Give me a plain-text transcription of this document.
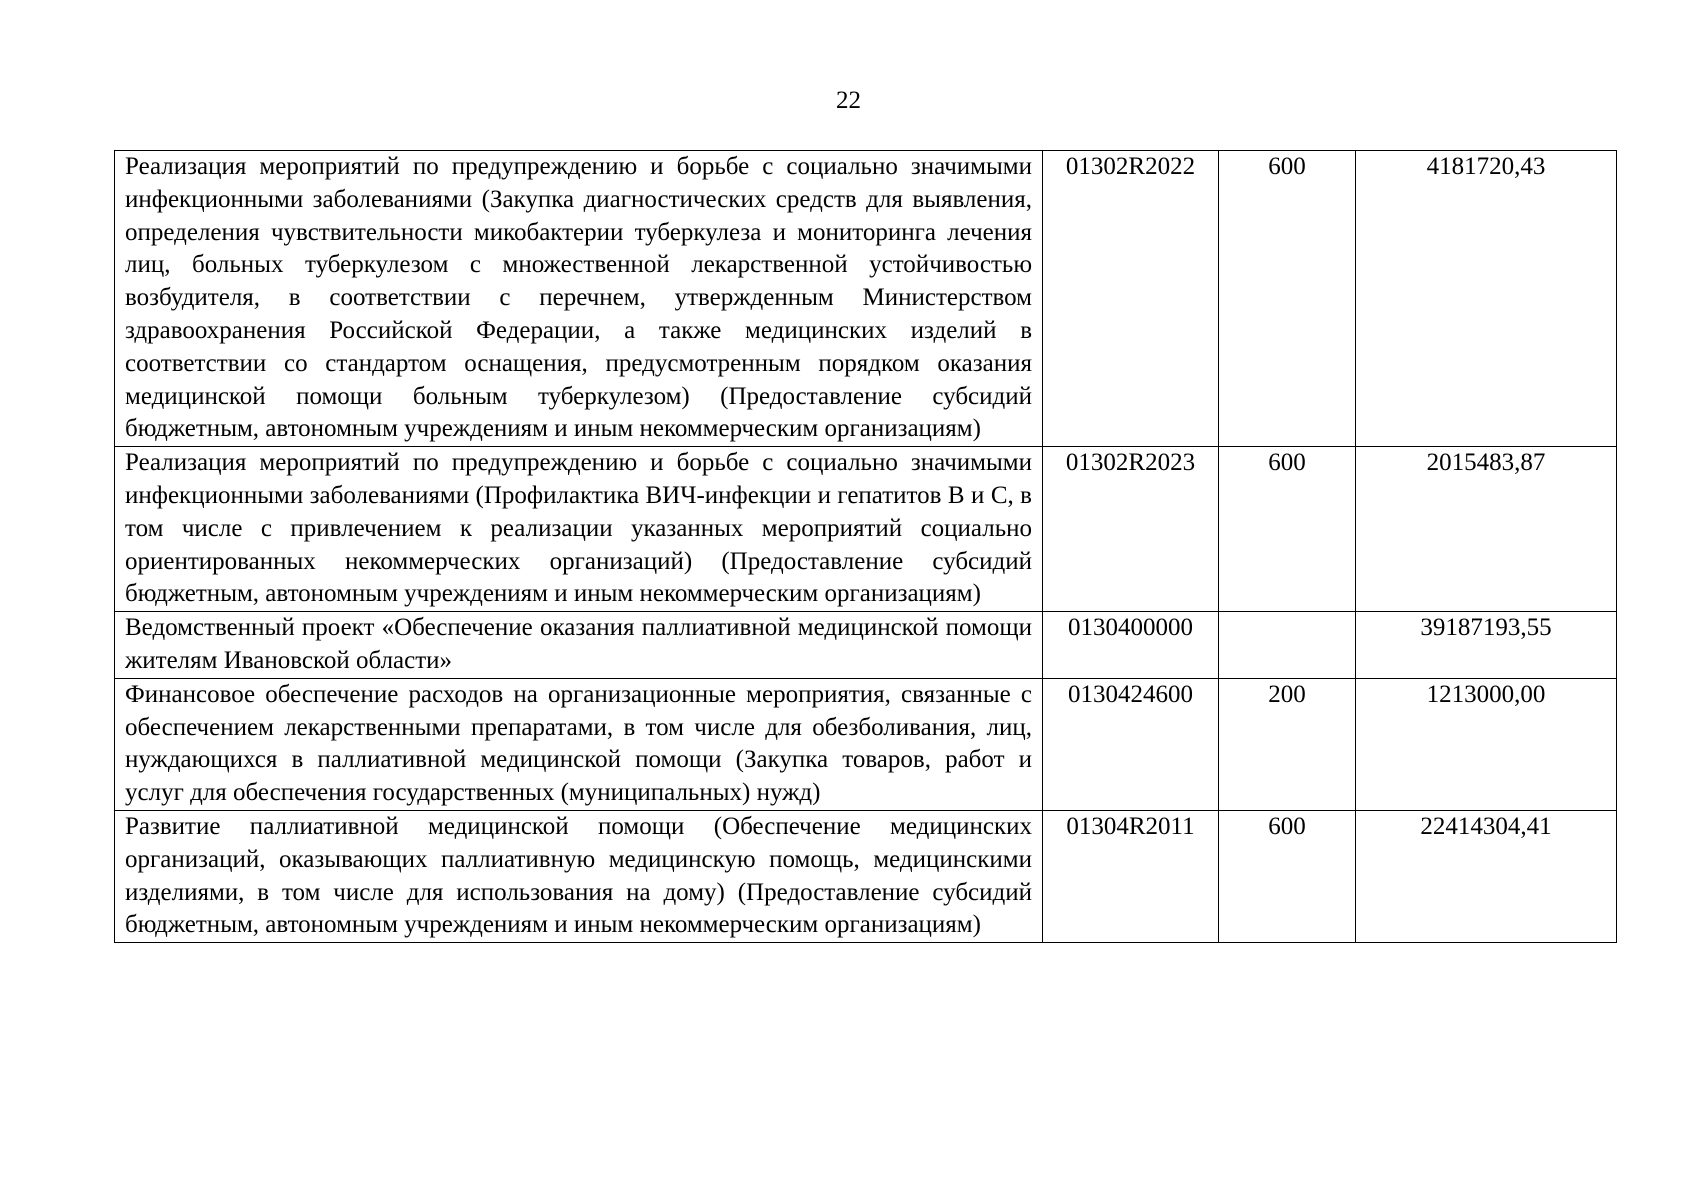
22
Реализация мероприятий по предупреждению и борьбе с социально значимыми инфекционными заболеваниями (Закупка диагностических средств для выявления, определения чувствительности микобактерии туберкулеза и мониторинга лечения лиц, больных туберкулезом с множественной лекарственной устойчивостью возбудителя, в соответствии с перечнем, утвержденным Министерством здравоохранения Российской Федерации, а также медицинских изделий в соответствии со стандартом оснащения, предусмотренным порядком оказания медицинской помощи больным туберкулезом) (Предоставление субсидий бюджетным, автономным учреждениям и иным некоммерческим организациям)	01302R2022	600	4181720,43
Реализация мероприятий по предупреждению и борьбе с социально значимыми инфекционными заболеваниями (Профилактика ВИЧ-инфекции и гепатитов В и С, в том числе с привлечением к реализации указанных мероприятий социально ориентированных некоммерческих организаций) (Предоставление субсидий бюджетным, автономным учреждениям и иным некоммерческим организациям)	01302R2023	600	2015483,87
Ведомственный проект «Обеспечение оказания паллиативной медицинской помощи жителям Ивановской области»	0130400000		39187193,55
Финансовое обеспечение расходов на организационные мероприятия, связанные с обеспечением лекарственными препаратами, в том числе для обезболивания, лиц, нуждающихся в паллиативной медицинской помощи (Закупка товаров, работ и услуг для обеспечения государственных (муниципальных) нужд)	0130424600	200	1213000,00
Развитие паллиативной медицинской помощи (Обеспечение медицинских организаций, оказывающих паллиативную медицинскую помощь, медицинскими изделиями, в том числе для использования на дому) (Предоставление субсидий бюджетным, автономным учреждениям и иным некоммерческим организациям)	01304R2011	600	22414304,41
